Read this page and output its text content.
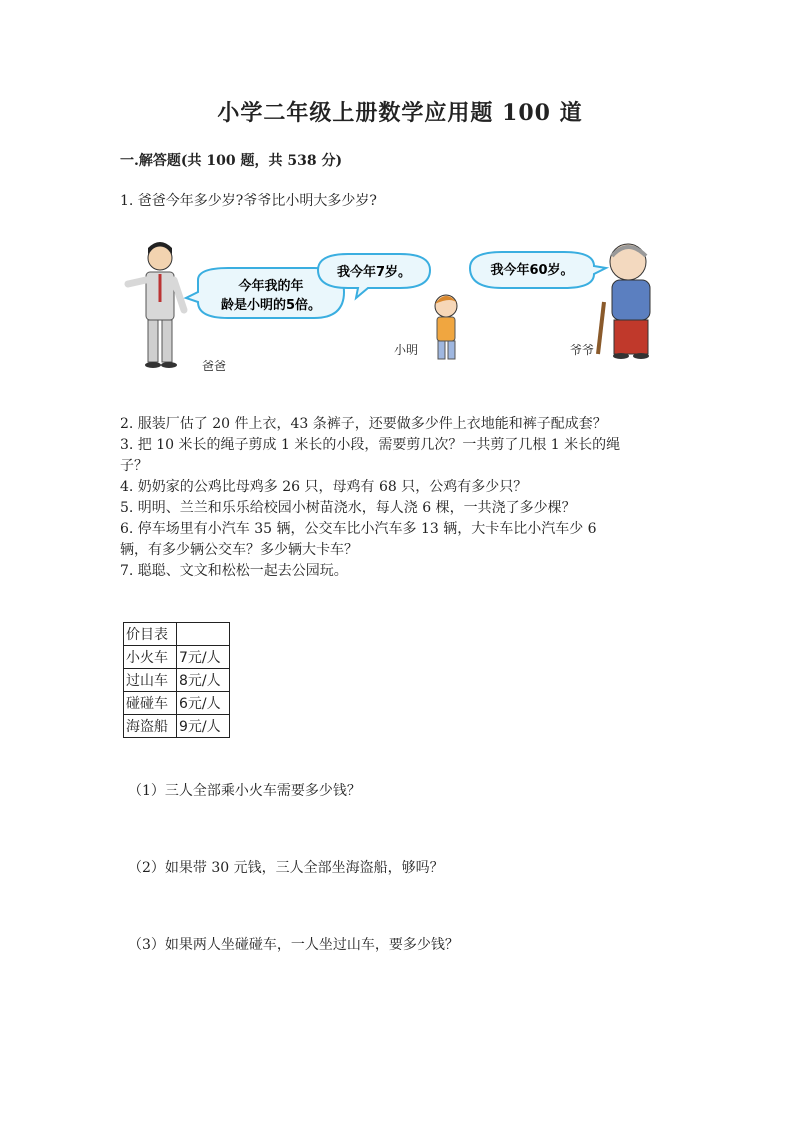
小学二年级上册数学应用题 100 道
一.解答题(共 100 题，共 538 分)
1. 爸爸今年多少岁?爷爷比小明大多少岁?
爸爸
今年我的年
龄是小明的5倍。
我今年7岁。
小明
我今年60岁。
爷爷
2. 服装厂估了 20 件上衣，43 条裤子，还要做多少件上衣地能和裤子配成套？
3. 把 10 米长的绳子剪成 1 米长的小段，需要剪几次？一共剪了几根 1 米长的绳
子？
4. 奶奶家的公鸡比母鸡多 26 只，母鸡有 68 只，公鸡有多少只？
5. 明明、兰兰和乐乐给校园小树苗浇水，每人浇 6 棵，一共浇了多少棵？
6. 停车场里有小汽车 35 辆，公交车比小汽车多 13 辆，大卡车比小汽车少 6
辆，有多少辆公交车？多少辆大卡车？
7. 聪聪、文文和松松一起去公园玩。
价目表	
小火车	7元/人
过山车	8元/人
碰碰车	6元/人
海盗船	9元/人
（1）三人全部乘小火车需要多少钱？
（2）如果带 30 元钱，三人全部坐海盗船，够吗？
（3）如果两人坐碰碰车，一人坐过山车，要多少钱？
